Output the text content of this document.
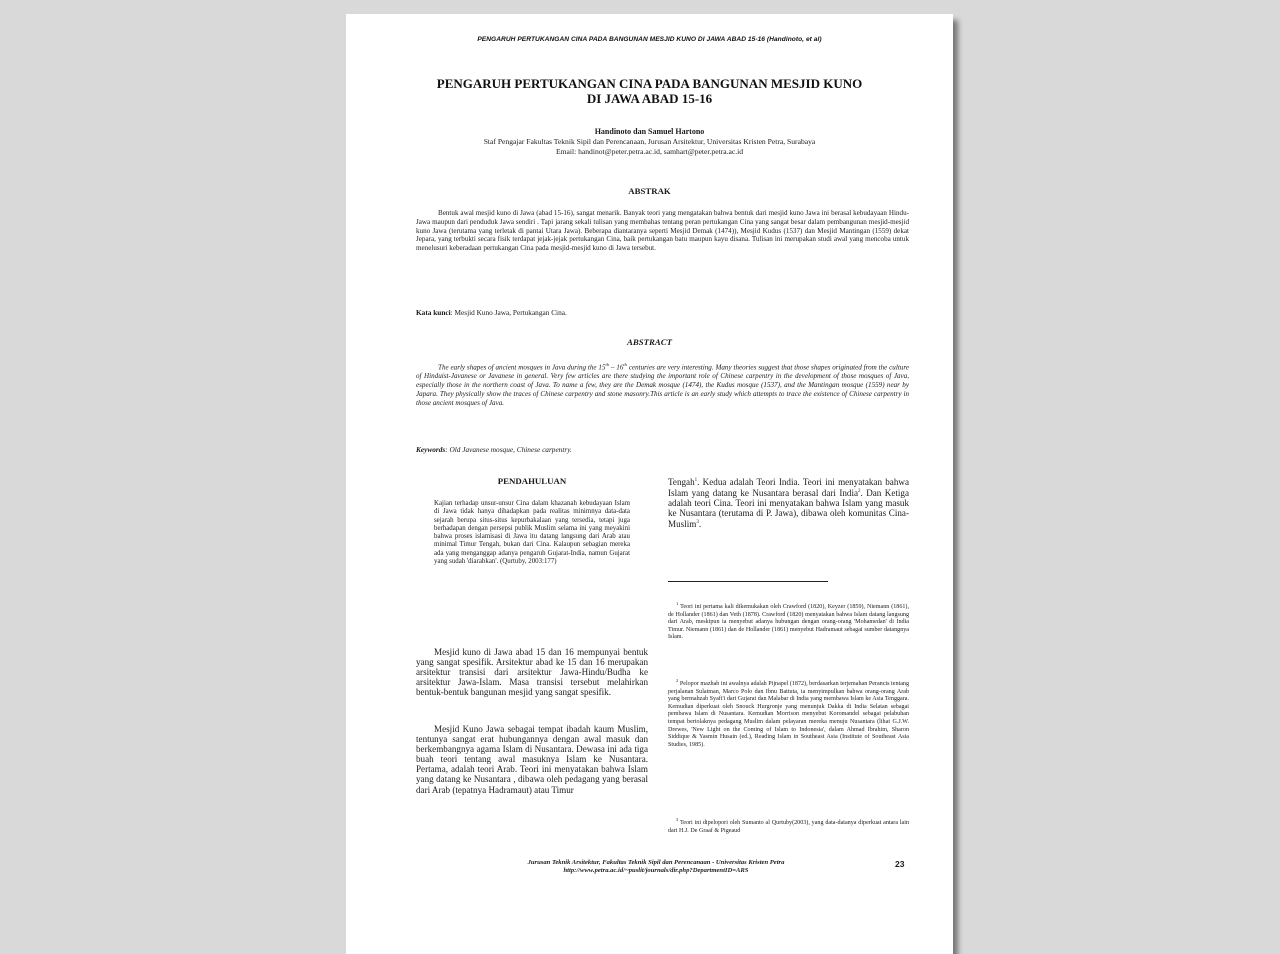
PENGARUH PERTUKANGAN CINA PADA BANGUNAN MESJID KUNO DI JAWA ABAD 15-16 (Handinoto, et al)
PENGARUH PERTUKANGAN CINA PADA BANGUNAN MESJID KUNO
DI JAWA ABAD 15-16
Handinoto dan Samuel Hartono
Staf Pengajar Fakultas Teknik Sipil dan Perencanaan, Jurusan Arsitektur, Universitas Kristen Petra, Surabaya
Email: handinot@peter.petra.ac.id, samhart@peter.petra.ac.id
ABSTRAK

Bentuk awal mesjid kuno di Jawa (abad 15-16), sangat menarik. Banyak teori yang mengatakan bahwa bentuk dari mesjid kuno Jawa ini berasal kebudayaan Hindu-Jawa maupun dari penduduk Jawa sendiri . Tapi jarang sekali tulisan yang membahas tentang peran pertukangan Cina yang sangat besar dalam pembangunan mesjid-mesjid kuno Jawa (terutama yang terletak di pantai Utara Jawa). Beberapa diantaranya seperti Mesjid Demak (1474)), Mesjid Kudus (1537) dan Mesjid Mantingan (1559) dekat Jepara, yang terbukti secara fisik terdapat jejak-jejak pertukangan Cina, baik pertukangan batu maupun kayu disana. Tulisan ini merupakan studi awal yang mencoba untuk menelusuri keberadaan pertukangan Cina pada mesjid-mesjid kuno di Jawa tersebut.

Kata kunci: Mesjid Kuno Jawa, Pertukangan Cina.

ABSTRACT

The early shapes of ancient mosques in Java during the 15th – 16th centuries are very interesting. Many theories suggest that those shapes originated from the culture of Hinduist-Javanese or Javanese in general. Very few articles are there studying the important role of Chinese carpentry in the development of those mosques of Java, especially those in the northern coast of Java. To name a few, they are the Demak mosque (1474), the Kudus mosque (1537), and the Mantingan mosque (1559) near by Japara. They physically show the traces of Chinese carpentry and stone masonry.This article is an early study which attempts to trace the existence of Chinese carpentry in those ancient mosques of Java.

Keywords: Old Javanese mosque, Chinese carpentry.

PENDAHULUAN

Kajian terhadap unsur-unsur Cina dalam khazanah kebudayaan Islam di Jawa tidak hanya dihadapkan pada realitas minimnya data-data sejarah berupa situs-situs kepurbakalaan yang tersedia, tetapi juga berhadapan dengan persepsi publik Muslim selama ini yang meyakini bahwa proses islamisasi di Jawa itu datang langsung dari Arab atau minimal Timur Tengah, bukan dari Cina. Kalaupun sebagian mereka ada yang menganggap adanya pengaruh Gujarat-India, namun Gujarat yang sudah 'diarabkan'. (Qurtuby, 2003:177)

Mesjid kuno di Jawa abad 15 dan 16 mempunyai bentuk yang sangat spesifik. Arsitektur abad ke 15 dan 16 merupakan arsitektur transisi dari arsitektur Jawa-Hindu/Budha ke arsitektur Jawa-Islam. Masa transisi tersebut melahirkan bentuk-bentuk bangunan mesjid yang sangat spesifik.

Mesjid Kuno Jawa sebagai tempat ibadah kaum Muslim, tentunya sangat erat hubungannya dengan awal masuk dan berkembangnya agama Islam di Nusantara. Dewasa ini ada tiga buah teori tentang awal masuknya Islam ke Nusantara. Pertama, adalah teori Arab. Teori ini menyatakan bahwa Islam yang datang ke Nusantara , dibawa oleh pedagang yang berasal dari Arab (tepatnya Hadramaut) atau Timur

Tengah$^1$. Kedua adalah Teori India. Teori ini menyatakan bahwa Islam yang datang ke Nusantara berasal dari India$^2$. Dan Ketiga adalah teori Cina. Teori ini menyatakan bahwa Islam yang masuk ke Nusantara (terutama di P. Jawa), dibawa oleh komunitas Cina-Muslim$^3$.

$^1$ Teori ini pertama kali dikemukakan oleh Crawford (1820), Keyzer (1859), Niemann (1861), de Hollander (1861) dan Veth (1878). Crawford (1820) menyatakan bahwa Islam datang langsung dari Arab, meskipun ia menyebut adanya hubungan dengan orang-orang 'Mohamedan' di India Timur. Niemann (1861) dan de Hollander (1861) menyebut Hadramaut sebagai sumber datangnya Islam.

$^2$ Pelopor mazhab ini awalnya adalah Pijnapel (1872), berdasarkan terjemahan Perancis tentang perjalanan Sulaiman, Marco Polo dan Ibnu Battuta, ia menyimpulkan bahwa orang-orang Arab yang bermahzab Syafi'i dari Gujarat dan Malabar di India yang membawa Islam ke Asia Tenggara. Kemudian diperkuat oleh Snouck Hurgronje yang menunjuk Dakka di India Selatan sebagai pembawa Islam di Nusantara. Kemudian Morrison menyebut Koromandel sebagai pelabuhan tempat bertolaknya pedagang Muslim dalam pelayaran mereka menuju Nusantara (lihat G.J.W. Drewes, 'New Light on the Coming of Islam to Indonesia', dalam Ahmad Ibrahim, Sharon Siddique & Yasmin Husain (ed.), Reading Islam in Southeast Asia (Institute of Southeast Asia Studies, 1985).

$^3$ Teori ini dipelopori oleh Sumanto al Qurtuby(2003), yang data-datanya diperkuat antara lain dari H.J. De Graaf & Pigeaud

Jurusan Teknik Arsitektur, Fakultas Teknik Sipil dan Perencanaan - Universitas Kristen Petra
http://www.petra.ac.id/~puslit/journals/dir.php?DepartmentID=ARS
23
